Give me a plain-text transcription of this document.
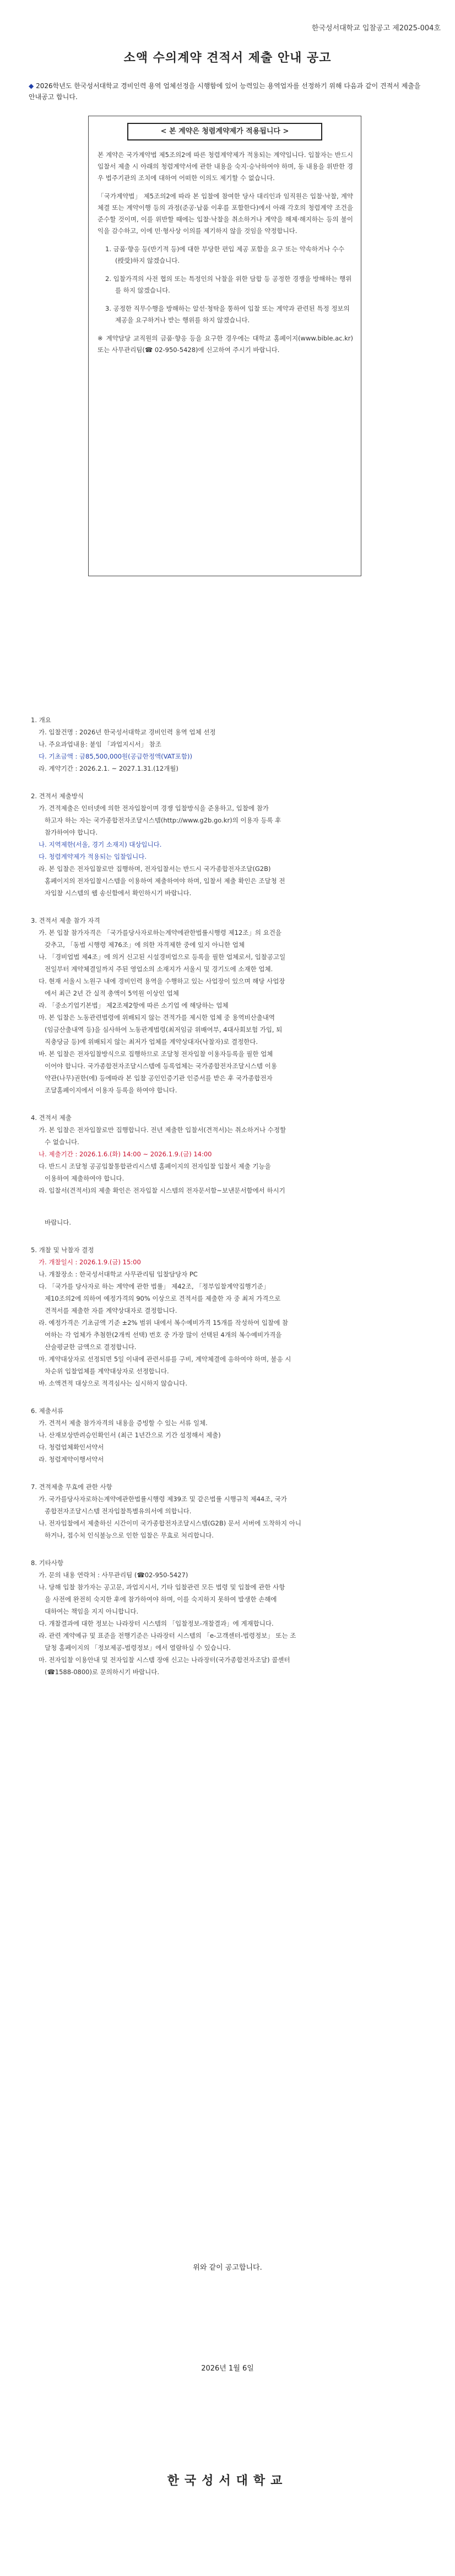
한국성서대학교 입찰공고 제2025-004호
소액 수의계약 견적서 제출 안내 공고
◆ 2026학년도 한국성서대학교 경비인력 용역 업체선정을 시행함에 있어 능력있는 용역업자를 선정하기 위해 다음과 같이 견적서 제출을 안내공고 합니다.
< 본 계약은 청렴계약제가 적용됩니다 >

본 계약은 국가계약법 제5조의2에 따른 청렴계약제가 적용되는 계약입니다. 입찰자는 반드시 입찰서 제출 시 아래의 청렴계약서에 관한 내용을 숙지·승낙하여야 하며, 동 내용을 위반한 경우 법주기관의 조치에 대하여 어떠한 이의도 제기할 수 없습니다.

「국가계약법」 제5조의2에 따라 본 입찰에 참여한 당사 대리인과 임직원은 입찰·낙찰, 계약체결 또는 계약이행 등의 과정(준공·납품 이후를 포함한다)에서 아래 각호의 청렴계약 조건을 준수할 것이며, 이를 위반할 때에는 입찰·낙찰을 취소하거나 계약을 해제·해지하는 등의 불이익을 감수하고, 이에 민·형사상 이의를 제기하지 않을 것임을 약정합니다.

1. 금품·향응 등(반기적 등)에 대한 부당한 편입 제공 포함을 요구 또는 약속하거나 수수(授受)하지 않겠습니다.
2. 입찰가격의 사전 협의 또는 특정인의 낙찰을 위한 담합 등 공정한 경쟁을 방해하는 행위를 하지 않겠습니다.
3. 공정한 직무수행을 방해하는 알선·청탁을 통하여 입찰 또는 계약과 관련된 특정 정보의 제공을 요구하거나 받는 행위를 하지 않겠습니다.

※ 계약담당 교직원의 금품·향응 등을 요구한 경우에는 대학교 홈페이지(www.bible.ac.kr) 또는 사무관리팀(☎ 02-950-5428)에 신고하여 주시기 바랍니다.

1. 개요
가. 입찰건명 : 2026년 한국성서대학교 경비인력 용역 업체 선정
나. 주요과업내용: 붙임 「과업지시서」 참조
다. 기초금액 : 금85,500,000원(공급한정액(VAT포함))
라. 계약기간 : 2026.2.1. ~ 2027.1.31.(12개월)
2. 견적서 제출방식
가. 견적제출은 인터넷에 의한 전자입찰이며 경쟁 입찰방식을 준용하고, 입찰에 참가
하고자 하는 자는 국가종합전자조달시스템(http://www.g2b.go.kr)의 이용자 등록 후
참가하여야 합니다.
나. 지역제한(서울, 경기 소재지) 대상입니다.
다. 청렴계약제가 적용되는 입찰입니다.
라. 본 입찰은 전자입찰로만 집행하며, 전자입찰서는 반드시 국가종합전자조달(G2B)
홈페이지의 전자입찰시스템을 이용하여 제출하여야 하며, 입찰서 제출 확인은 조달청 전
자입찰 시스템의 웹 송신함에서 확인하시기 바랍니다.
3. 견적서 제출 참가 자격
가. 본 입찰 참가자격은 「국가를당사자로하는계약에관한법률시행령 제12조」의 요건을
갖추고, 「동법 시행령 제76조」에 의한 자격제한 중에 있지 아니한 업체
나. 「경비업법 제4조」에 의거 신고된 시설경비업으로 등록을 필한 업체로서, 입찰공고일
전일부터 계약체결일까지 주된 영업소의 소재지가 서울시 및 경기도에 소재한 업체.
다. 현재 서울시 노원구 내에 경비인력 용역을 수행하고 있는 사업장이 있으며 해당 사업장
에서 최근 2년 간 실적 총액이 5억원 이상인 업체
라. 「중소기업기본법」 제2조제2항에 따른 소기업 에 해당하는 업체
마. 본 입찰은 노동관련법령에 위배되지 않는 견적가를 제시한 업체 중 용역비산출내역
(임금산출내역 등)을 심사하여 노동관계법령(최저임금 위배여부, 4대사회보험 가입, 퇴
직충당금 등)에 위배되지 않는 최저가 업체를 계약상대자(낙찰자)로 결정한다.
바. 본 입찰은 전자입찰방식으로 집행하므로 조달청 전자입찰 이용자등록을 필한 업체
이어야 합니다. 국가종합전자조달시스템에 등록업체는 국가종합전자조달시스템 이용
약관(나무)권한(에) 등에따라 본 입찰 공인인증기관 인증서를 받은 후 국가종합전자
조달홈페이지에서 이용자 등록을 하여야 합니다.
4. 견적서 제출
가. 본 입찰은 전자입찰로만 집행합니다. 전년 제출한 입찰서(견적서)는 취소하거나 수정할
수 없습니다.
나. 제출기간 : 2026.1.6.(화) 14:00 ~ 2026.1.9.(금) 14:00
다. 반드시 조달청 공공입찰통합관리시스템 홈페이지의 전자입찰 입찰서 제출 기능을
이용하여 제출하여야 합니다.
라. 입찰서(견적서)의 제출 확인은 전자입찰 시스템의 전자문서함~보낸문서함에서 하시기
바랍니다.
5. 개찰 및 낙찰자 결정
가. 개찰일시 : 2026.1.9.(금) 15:00
나. 개찰장소 : 한국성서대학교 사무관리팀 입찰담당자 PC
다. 「국가를 당사자로 하는 계약에 관한 법률」 제42조, 「정부입찰계약집행기준」
제10조의2에 의하여 예정가격의 90% 이상으로 견적서를 제출한 자 중 최저 가격으로
견적서를 제출한 자를 계약상대자로 결정합니다.
라. 예정가격은 기초금액 기준 ±2% 범위 내에서 복수예비가격 15개를 작성하여 입찰에 참
여하는 각 업체가 추첨한(2개씩 선택) 번호 중 가장 많이 선택된 4개의 복수예비가격을
산술평균한 금액으로 결정합니다.
마. 계약대상자로 선정되면 5일 이내에 관련서류를 구비, 계약체결에 응하여야 하며, 불응 시
차순위 입찰업체를 계약대상자로 선정합니다.
바. 소액견적 대상으로 적격심사는 실시하지 않습니다.
6. 제출서류
가. 견적서 제출 참가자격의 내용을 증빙할 수 있는 서류 일체.
나. 산재보상반려승인확인서 (최근 1년간으로 기간 설정해서 제출)
다. 청렴업체확인서약서
라. 청렴계약이행서약서
7. 견적제출 무효에 관한 사항
가. 국가를당사자로하는계약에관한법률시행령 제39조 및 같은법률 시행규칙 제44조, 국가
종합전자조달시스템 전자입찰특별유의서에 의합니다.
나. 전자입찰에서 제출하신 시간이미 국가종합전자조달시스템(G2B) 문서 서버에 도착하지 아니
하거나, 접수처 인식불능으로 인한 입찰은 무효로 처리합니다.
8. 기타사항
가. 문의 내용 연락처 : 사무관리팀 (☎02-950-5427)
나. 당해 입찰 참가자는 공고문, 과업지시서, 기타 입찰관련 모든 법령 및 입찰에 관한 사항
을 사전에 완전히 숙지한 후에 참가하여야 하며, 이를 숙지하지 못하여 발생한 손해에
대하여는 책임을 지지 아니합니다.
다. 개찰결과에 대한 정보는 나라장터 시스템의 「입찰정보-개찰결과」에 게재합니다.
라. 관련 계약예규 및 표준을 전행기준은 나라장터 시스템의 「e-고객센터-법령정보」 또는 조
달청 홈페이지의 「정보제공-법령정보」에서 열람하실 수 있습니다.
마. 전자입찰 이용안내 및 전자입찰 시스템 장애 신고는 나라장터(국가종합전자조달) 콜센터
(☎1588-0800)로 문의하시기 바랍니다.
위와 같이 공고합니다.
2026년 1월 6일
한국성서대학교
